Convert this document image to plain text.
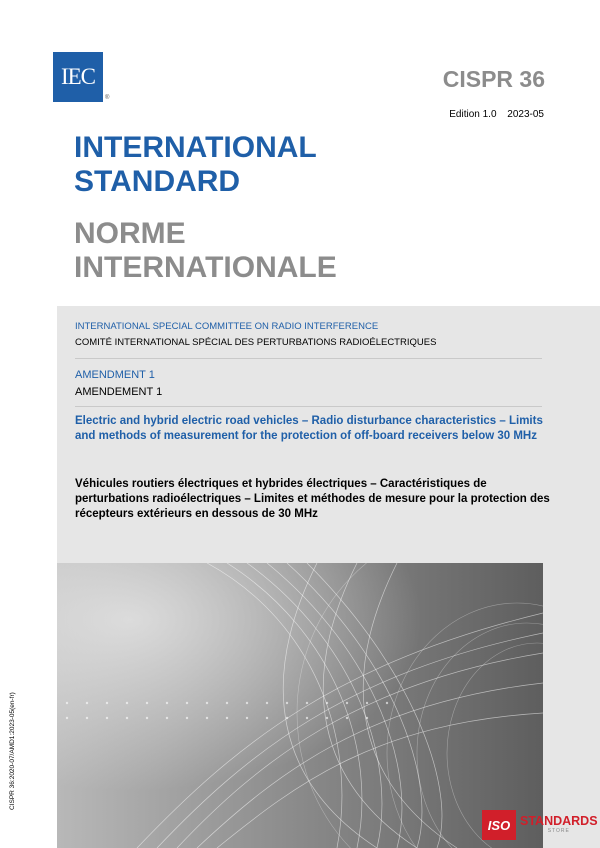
IEC
®
CISPR 36
Edition 1.0 2023-05
INTERNATIONAL
STANDARD
NORME
INTERNATIONALE
INTERNATIONAL SPECIAL COMMITTEE ON RADIO INTERFERENCE
COMITÉ INTERNATIONAL SPÉCIAL DES PERTURBATIONS RADIOÉLECTRIQUES
AMENDMENT 1
AMENDEMENT 1
Electric and hybrid electric road vehicles – Radio disturbance characteristics – Limits and methods of measurement for the protection of off-board receivers below 30 MHz
Véhicules routiers électriques et hybrides électriques – Caractéristiques de perturbations radioélectriques – Limites et méthodes de mesure pour la protection des récepteurs extérieurs en dessous de 30 MHz
CISPR 36:2020-07/AMD1:2023-05(en-fr)
ISO STANDARDS
STORE
